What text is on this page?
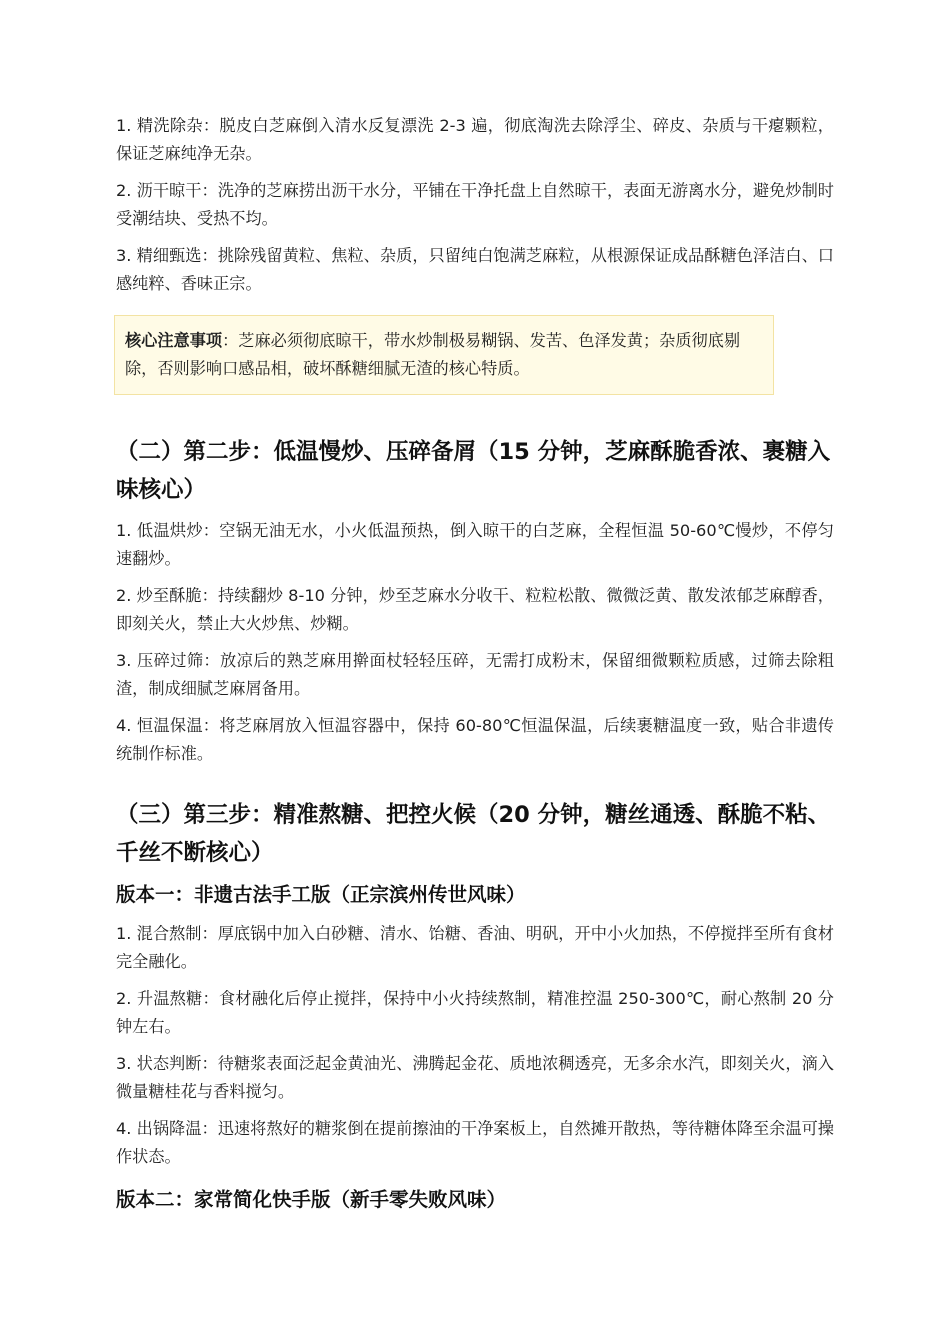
1. 精洗除杂：脱皮白芝麻倒入清水反复漂洗 2-3 遍，彻底淘洗去除浮尘、碎皮、杂质与干瘪颗粒，保证芝麻纯净无杂。

2. 沥干晾干：洗净的芝麻捞出沥干水分，平铺在干净托盘上自然晾干，表面无游离水分，避免炒制时受潮结块、受热不均。

3. 精细甄选：挑除残留黄粒、焦粒、杂质，只留纯白饱满芝麻粒，从根源保证成品酥糖色泽洁白、口感纯粹、香味正宗。

核心注意事项：芝麻必须彻底晾干，带水炒制极易糊锅、发苦、色泽发黄；杂质彻底剔除，否则影响口感品相，破坏酥糖细腻无渣的核心特质。
（二）第二步：低温慢炒、压碎备屑（15 分钟，芝麻酥脆香浓、裹糖入味核心）

1. 低温烘炒：空锅无油无水，小火低温预热，倒入晾干的白芝麻，全程恒温 50-60℃慢炒，不停匀速翻炒。

2. 炒至酥脆：持续翻炒 8-10 分钟，炒至芝麻水分收干、粒粒松散、微微泛黄、散发浓郁芝麻醇香，即刻关火，禁止大火炒焦、炒糊。

3. 压碎过筛：放凉后的熟芝麻用擀面杖轻轻压碎，无需打成粉末，保留细微颗粒质感，过筛去除粗渣，制成细腻芝麻屑备用。

4. 恒温保温：将芝麻屑放入恒温容器中，保持 60-80℃恒温保温，后续裹糖温度一致，贴合非遗传统制作标准。

（三）第三步：精准熬糖、把控火候（20 分钟，糖丝通透、酥脆不粘、千丝不断核心）
版本一：非遗古法手工版（正宗滨州传世风味）

1. 混合熬制：厚底锅中加入白砂糖、清水、饴糖、香油、明矾，开中小火加热，不停搅拌至所有食材完全融化。

2. 升温熬糖：食材融化后停止搅拌，保持中小火持续熬制，精准控温 250-300℃，耐心熬制 20 分钟左右。

3. 状态判断：待糖浆表面泛起金黄油光、沸腾起金花、质地浓稠透亮，无多余水汽，即刻关火，滴入微量糖桂花与香料搅匀。

4. 出锅降温：迅速将熬好的糖浆倒在提前擦油的干净案板上，自然摊开散热，等待糖体降至余温可操作状态。

版本二：家常简化快手版（新手零失败风味）
